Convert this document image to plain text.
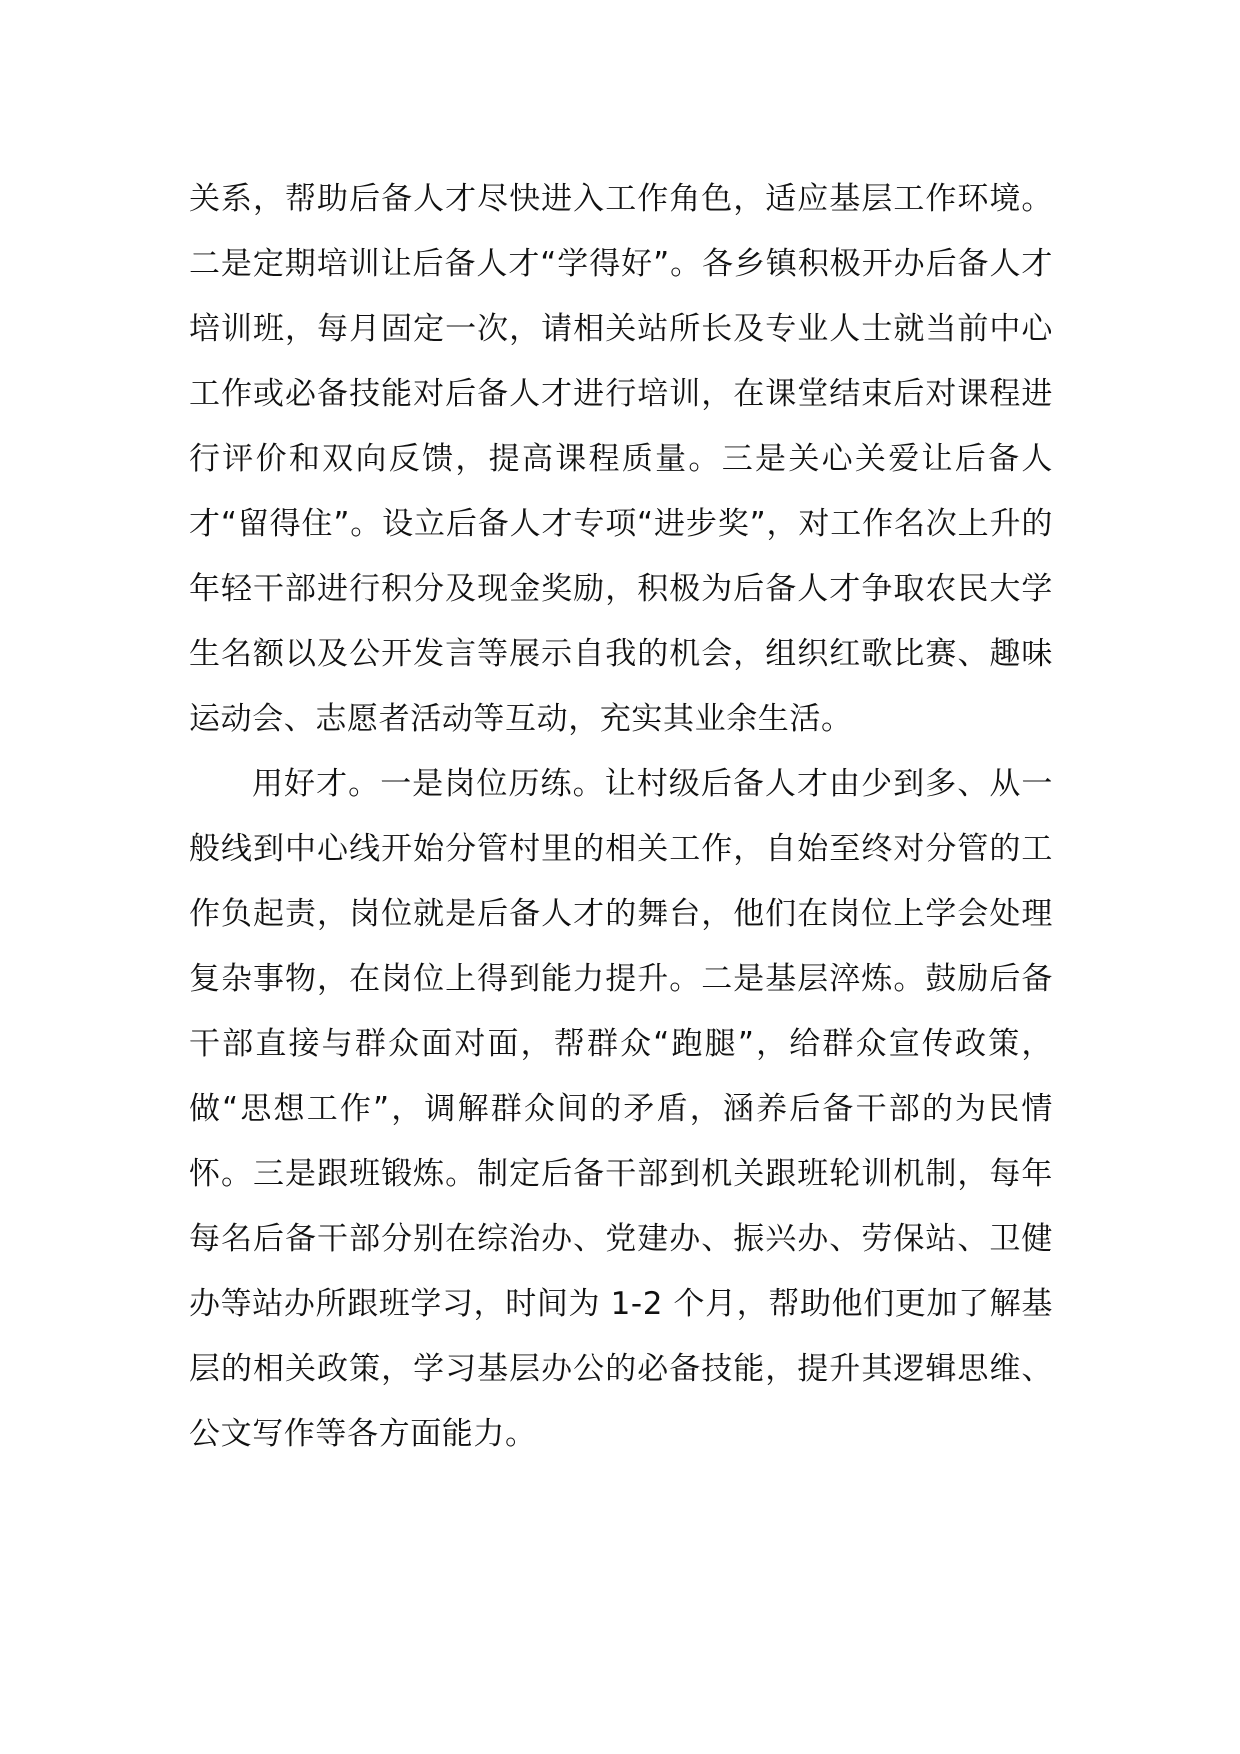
关系，帮助后备人才尽快进入工作角色，适应基层工作环境。二是定期培训让后备人才“学得好”。各乡镇积极开办后备人才培训班，每月固定一次，请相关站所长及专业人士就当前中心工作或必备技能对后备人才进行培训，在课堂结束后对课程进行评价和双向反馈，提高课程质量。三是关心关爱让后备人才“留得住”。设立后备人才专项“进步奖”，对工作名次上升的年轻干部进行积分及现金奖励，积极为后备人才争取农民大学生名额以及公开发言等展示自我的机会，组织红歌比赛、趣味运动会、志愿者活动等互动，充实其业余生活。

用好才。一是岗位历练。让村级后备人才由少到多、从一般线到中心线开始分管村里的相关工作，自始至终对分管的工作负起责，岗位就是后备人才的舞台，他们在岗位上学会处理复杂事物，在岗位上得到能力提升。二是基层淬炼。鼓励后备干部直接与群众面对面，帮群众“跑腿”，给群众宣传政策，做“思想工作”，调解群众间的矛盾，涵养后备干部的为民情怀。三是跟班锻炼。制定后备干部到机关跟班轮训机制，每年每名后备干部分别在综治办、党建办、振兴办、劳保站、卫健办等站办所跟班学习，时间为 1-2 个月，帮助他们更加了解基层的相关政策，学习基层办公的必备技能，提升其逻辑思维、公文写作等各方面能力。
